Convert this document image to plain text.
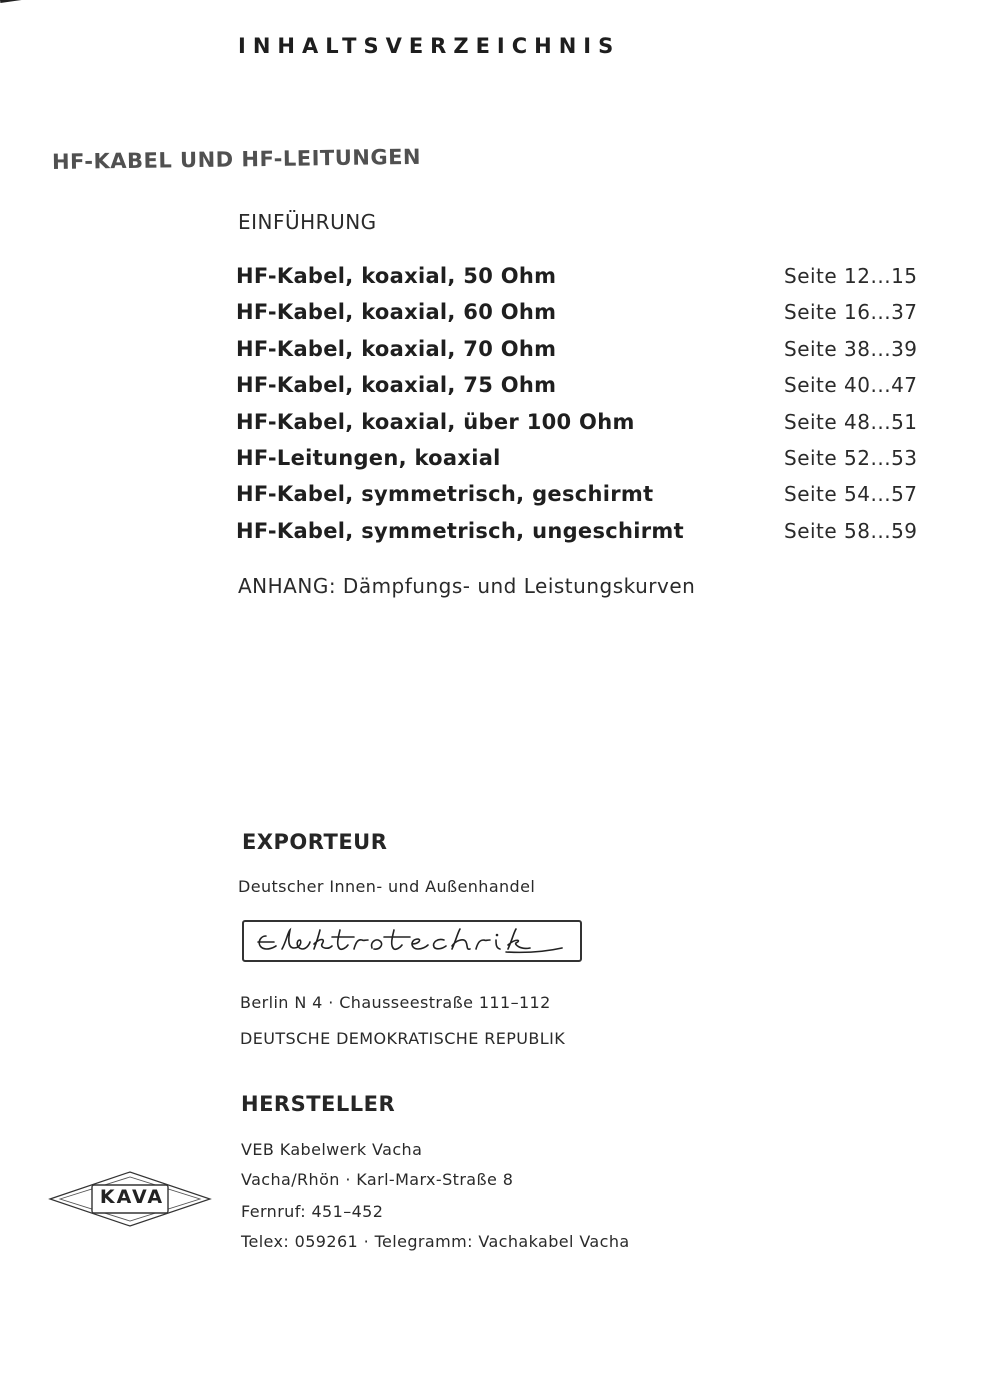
INHALTSVERZEICHNIS
HF-KABEL UND HF-LEITUNGEN
EINFÜHRUNG
HF-Kabel, koaxial, 50 Ohm	Seite 12...15
HF-Kabel, koaxial, 60 Ohm	Seite 16...37
HF-Kabel, koaxial, 70 Ohm	Seite 38...39
HF-Kabel, koaxial, 75 Ohm	Seite 40...47
HF-Kabel, koaxial, über 100 Ohm	Seite 48...51
HF-Leitungen, koaxial	Seite 52...53
HF-Kabel, symmetrisch, geschirmt	Seite 54...57
HF-Kabel, symmetrisch, ungeschirmt	Seite 58...59
ANHANG: Dämpfungs- und Leistungskurven
EXPORTEUR
Deutscher Innen- und Außenhandel
Berlin N 4 · Chausseestraße 111–112
DEUTSCHE DEMOKRATISCHE REPUBLIK
HERSTELLER
KAVA
VEB Kabelwerk Vacha
Vacha/Rhön · Karl-Marx-Straße 8
Fernruf: 451–452
Telex: 059261 · Telegramm: Vachakabel Vacha
